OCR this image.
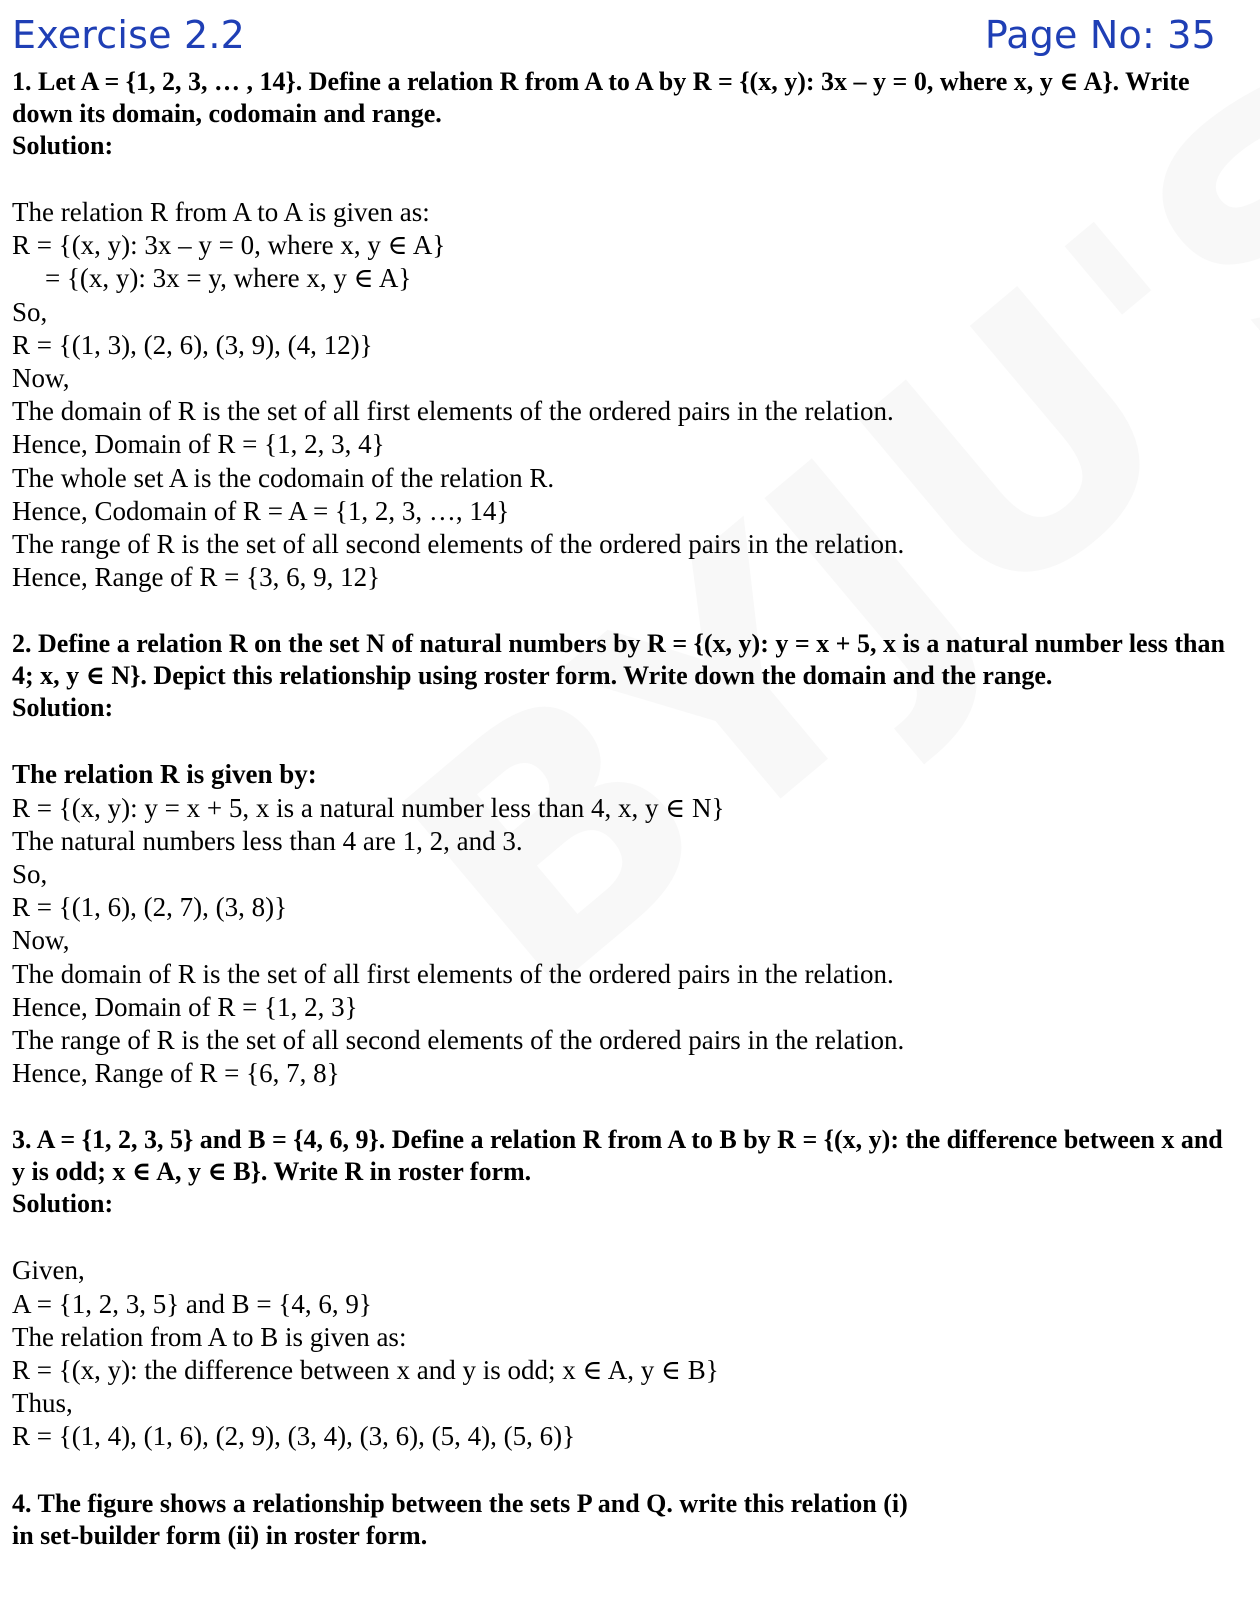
Exercise 2.2	Page No: 35

1. Let A = {1, 2, 3, … , 14}. Define a relation R from A to A by R = {(x, y): 3x – y = 0, where x, y ∈ A}. Write down its domain, codomain and range.

Solution:

The relation R from A to A is given as:

R = {(x, y): 3x – y = 0, where x, y ∈ A}

= {(x, y): 3x = y, where x, y ∈ A}

So,

R = {(1, 3), (2, 6), (3, 9), (4, 12)}

Now,

The domain of R is the set of all first elements of the ordered pairs in the relation.

Hence, Domain of R = {1, 2, 3, 4}

The whole set A is the codomain of the relation R.

Hence, Codomain of R = A = {1, 2, 3, …, 14}

The range of R is the set of all second elements of the ordered pairs in the relation.

Hence, Range of R = {3, 6, 9, 12}

2. Define a relation R on the set N of natural numbers by R = {(x, y): y = x + 5, x is a natural number less than 4; x, y ∈ N}. Depict this relationship using roster form. Write down the domain and the range.

Solution:

The relation R is given by:

R = {(x, y): y = x + 5, x is a natural number less than 4, x, y ∈ N}

The natural numbers less than 4 are 1, 2, and 3.

So,

R = {(1, 6), (2, 7), (3, 8)}

Now,

The domain of R is the set of all first elements of the ordered pairs in the relation.

Hence, Domain of R = {1, 2, 3}

The range of R is the set of all second elements of the ordered pairs in the relation.

Hence, Range of R = {6, 7, 8}

3. A = {1, 2, 3, 5} and B = {4, 6, 9}. Define a relation R from A to B by R = {(x, y): the difference between x and y is odd; x ∈ A, y ∈ B}. Write R in roster form.

Solution:

Given,

A = {1, 2, 3, 5} and B = {4, 6, 9}

The relation from A to B is given as:

R = {(x, y): the difference between x and y is odd; x ∈ A, y ∈ B}

Thus,

R = {(1, 4), (1, 6), (2, 9), (3, 4), (3, 6), (5, 4), (5, 6)}

4. The figure shows a relationship between the sets P and Q. write this relation (i) in set-builder form (ii) in roster form.
